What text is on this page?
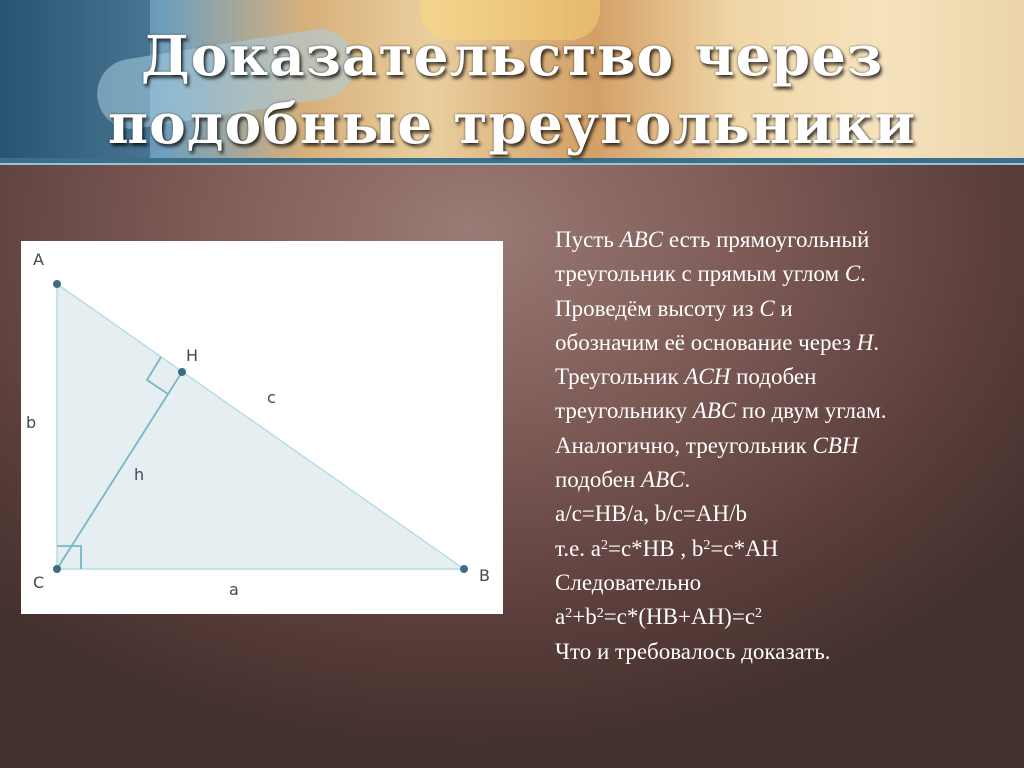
Доказательство через
подобные треугольники
A
C	B
H
b
a
c
h

Пусть ABC есть прямоугольный

треугольник с прямым углом C.

Проведём высоту из C и

обозначим её основание через H.

Треугольник ACH подобен

треугольнику ABC по двум углам.

Аналогично, треугольник CBH

подобен ABC.

a/c=HB/a, b/c=AH/b

т.е. $a^2=c*HB$ , $b^2=c*AH$

Следовательно

$a^2+b^2=c*(HB+AH)=c^2$

Что и требовалось доказать.
